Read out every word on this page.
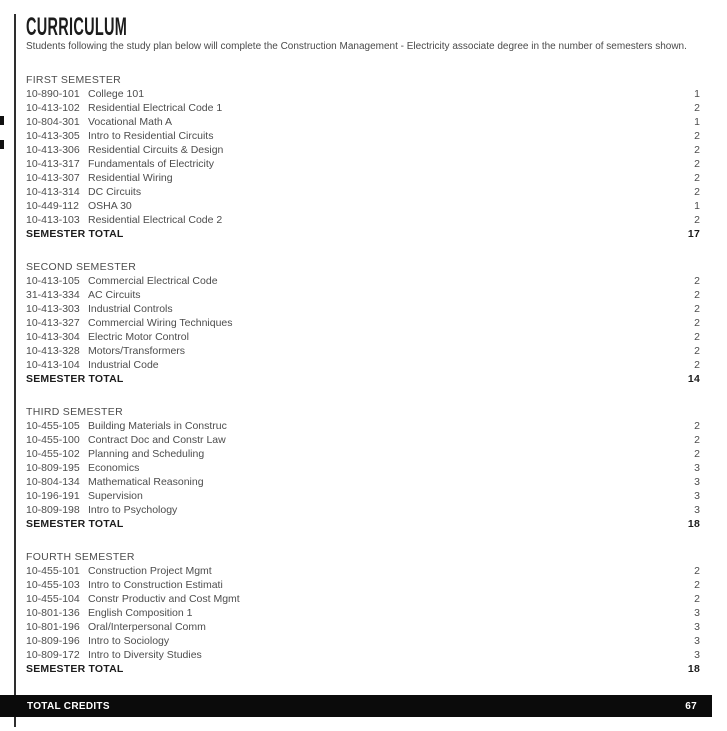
CURRICULUM

Students following the study plan below will complete the Construction Management - Electricity associate degree in the number of semesters shown.

FIRST SEMESTER
10-890-101 College 101	1
10-413-102 Residential Electrical Code 1	2
10-804-301 Vocational Math A	1
10-413-305 Intro to Residential Circuits	2
10-413-306 Residential Circuits & Design	2
10-413-317 Fundamentals of Electricity	2
10-413-307 Residential Wiring	2
10-413-314 DC Circuits	2
10-449-112 OSHA 30	1
10-413-103 Residential Electrical Code 2	2
SEMESTER TOTAL	17
SECOND SEMESTER
10-413-105 Commercial Electrical Code	2
31-413-334 AC Circuits	2
10-413-303 Industrial Controls	2
10-413-327 Commercial Wiring Techniques	2
10-413-304 Electric Motor Control	2
10-413-328 Motors/Transformers	2
10-413-104 Industrial Code	2
SEMESTER TOTAL	14
THIRD SEMESTER
10-455-105 Building Materials in Construc	2
10-455-100 Contract Doc and Constr Law	2
10-455-102 Planning and Scheduling	2
10-809-195 Economics	3
10-804-134 Mathematical Reasoning	3
10-196-191 Supervision	3
10-809-198 Intro to Psychology	3
SEMESTER TOTAL	18
FOURTH SEMESTER
10-455-101 Construction Project Mgmt	2
10-455-103 Intro to Construction Estimati	2
10-455-104 Constr Productiv and Cost Mgmt	2
10-801-136 English Composition 1	3
10-801-196 Oral/Interpersonal Comm	3
10-809-196 Intro to Sociology	3
10-809-172 Intro to Diversity Studies	3
SEMESTER TOTAL	18
TOTAL CREDITS	67
